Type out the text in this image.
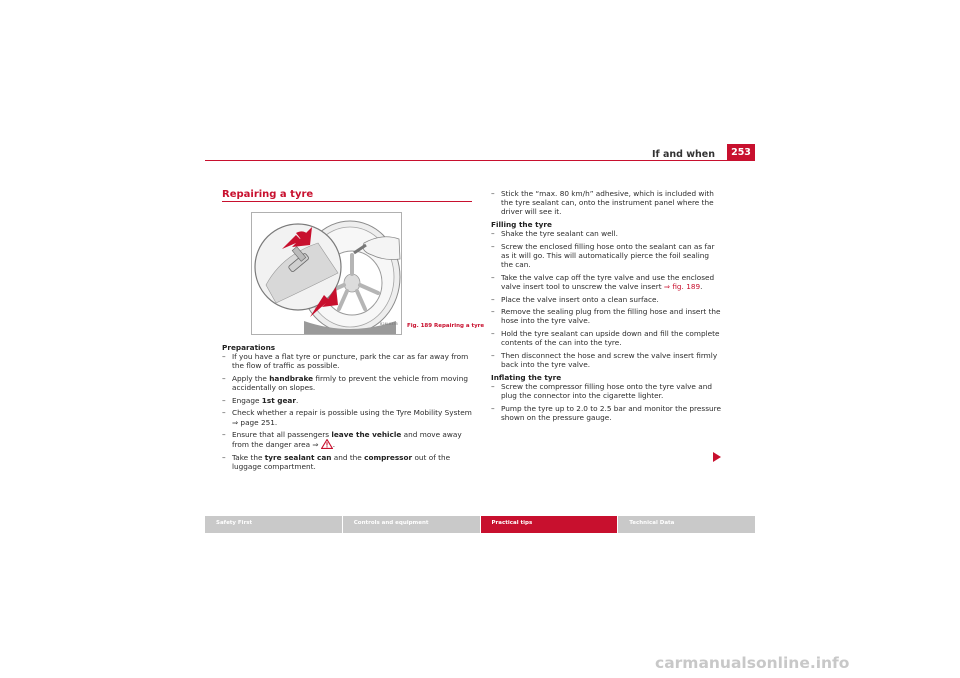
If and when	253
Repairing a tyre
B2M-0335 Fig. 189 Repairing a tyre
Preparations
– If you have a flat tyre or puncture, park the car as far away from the flow of traffic as possible.
– Apply the handbrake firmly to prevent the vehicle from moving accidentally on slopes.
– Engage 1st gear.
– Check whether a repair is possible using the Tyre Mobility System ⇒ page 251.
– Ensure that all passengers leave the vehicle and move away from the danger area ⇒ .
– Take the tyre sealant can and the compressor out of the luggage compartment.
– Stick the “max. 80 km/h” adhesive, which is included with the tyre sealant can, onto the instrument panel where the driver will see it.
Filling the tyre
– Shake the tyre sealant can well.
– Screw the enclosed filling hose onto the sealant can as far as it will go. This will automatically pierce the foil sealing the can.
– Take the valve cap off the tyre valve and use the enclosed valve insert tool to unscrew the valve insert ⇒ fig. 189.
– Place the valve insert onto a clean surface.
– Remove the sealing plug from the filling hose and insert the hose into the tyre valve.
– Hold the tyre sealant can upside down and fill the complete contents of the can into the tyre.
– Then disconnect the hose and screw the valve insert firmly back into the tyre valve.
Inflating the tyre
– Screw the compressor filling hose onto the tyre valve and plug the connector into the cigarette lighter.
– Pump the tyre up to 2.0 to 2.5 bar and monitor the pressure shown on the pressure gauge.
Safety First	Controls and equipment	Practical tips	Technical Data
carmanualsonline.info
